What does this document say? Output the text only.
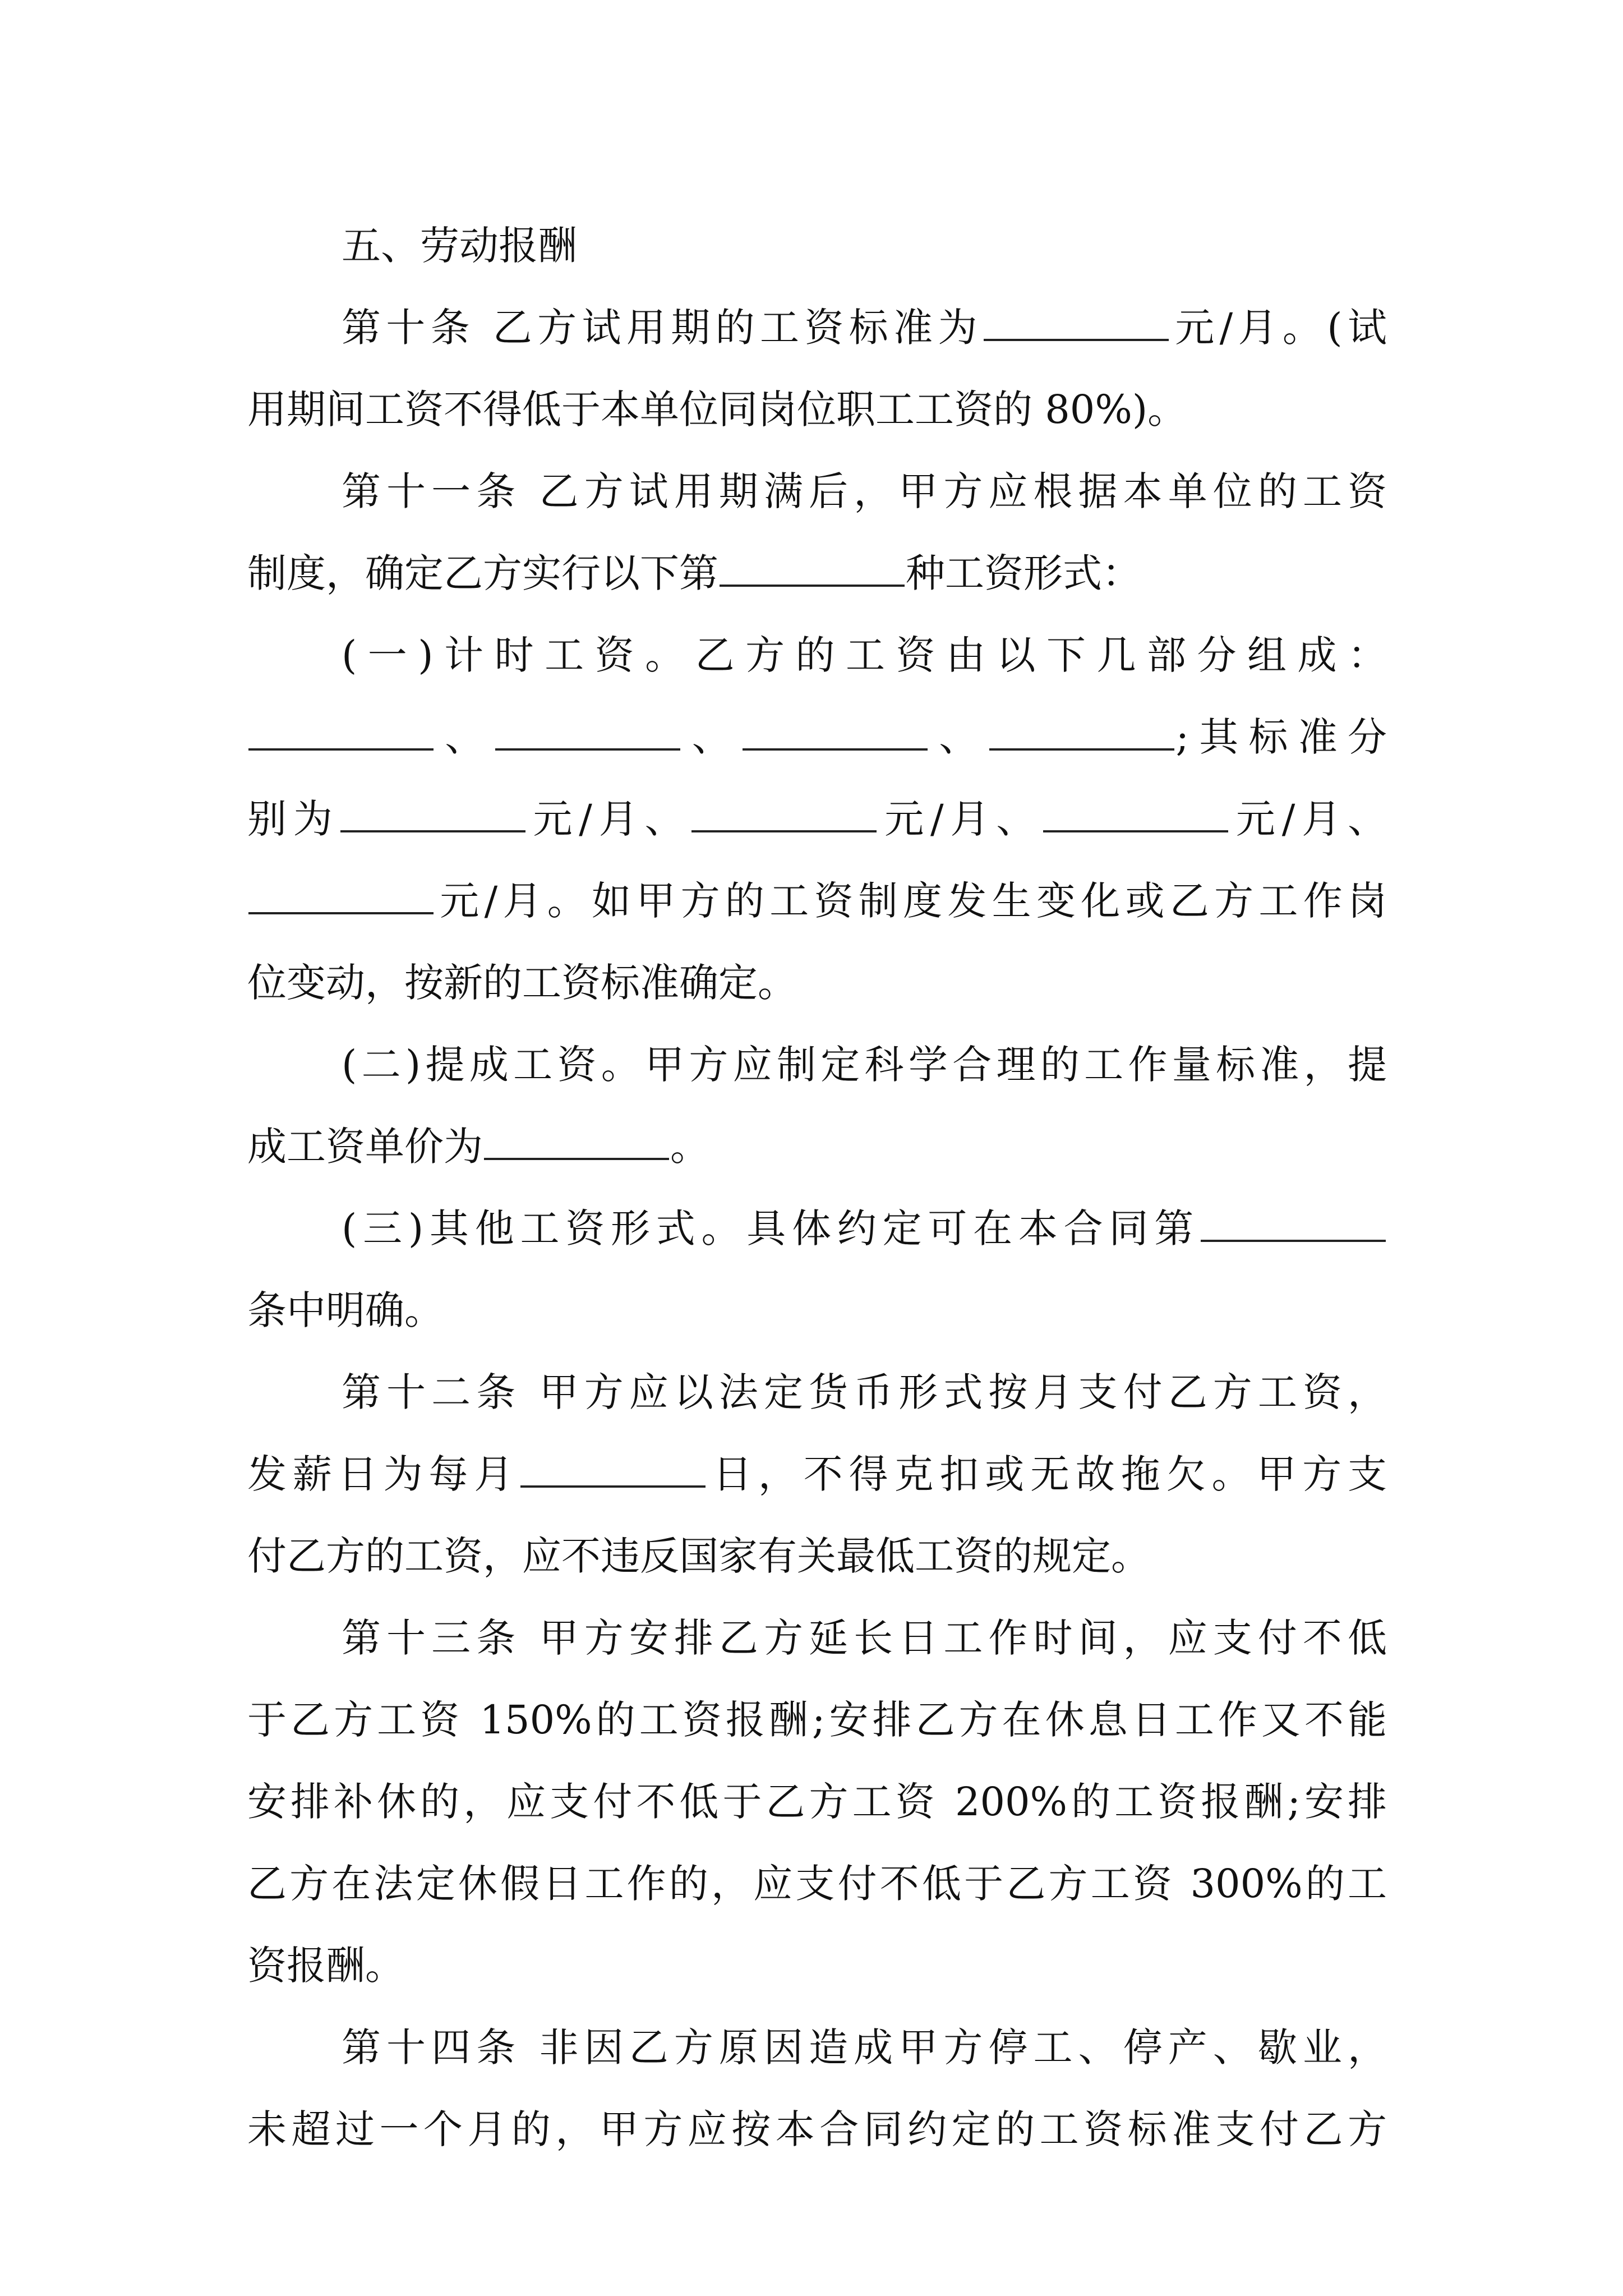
五、劳动报酬
第十条 乙方试用期的工资标准为	元/月。(试
用期间工资不得低于本单位同岗位职工工资的 80%)。
第十一条 乙方试用期满后，甲方应根据本单位的工资
制度，确定乙方实行以下第	种工资形式：
(一)计时工资。乙方的工资由以下几部分组成：
、	、	、	;其标准分
别为	元/月、	元/月、	元/月、
元/月。如甲方的工资制度发生变化或乙方工作岗
位变动，按新的工资标准确定。
(二)提成工资。甲方应制定科学合理的工作量标准，提
成工资单价为	。
(三)其他工资形式。具体约定可在本合同第
条中明确。
第十二条 甲方应以法定货币形式按月支付乙方工资，
发薪日为每月	日，不得克扣或无故拖欠。甲方支
付乙方的工资，应不违反国家有关最低工资的规定。
第十三条 甲方安排乙方延长日工作时间，应支付不低
于乙方工资 150%的工资报酬;安排乙方在休息日工作又不能
安排补休的，应支付不低于乙方工资 200%的工资报酬;安排
乙方在法定休假日工作的，应支付不低于乙方工资 300%的工
资报酬。
第十四条 非因乙方原因造成甲方停工、停产、歇业，
未超过一个月的，甲方应按本合同约定的工资标准支付乙方
